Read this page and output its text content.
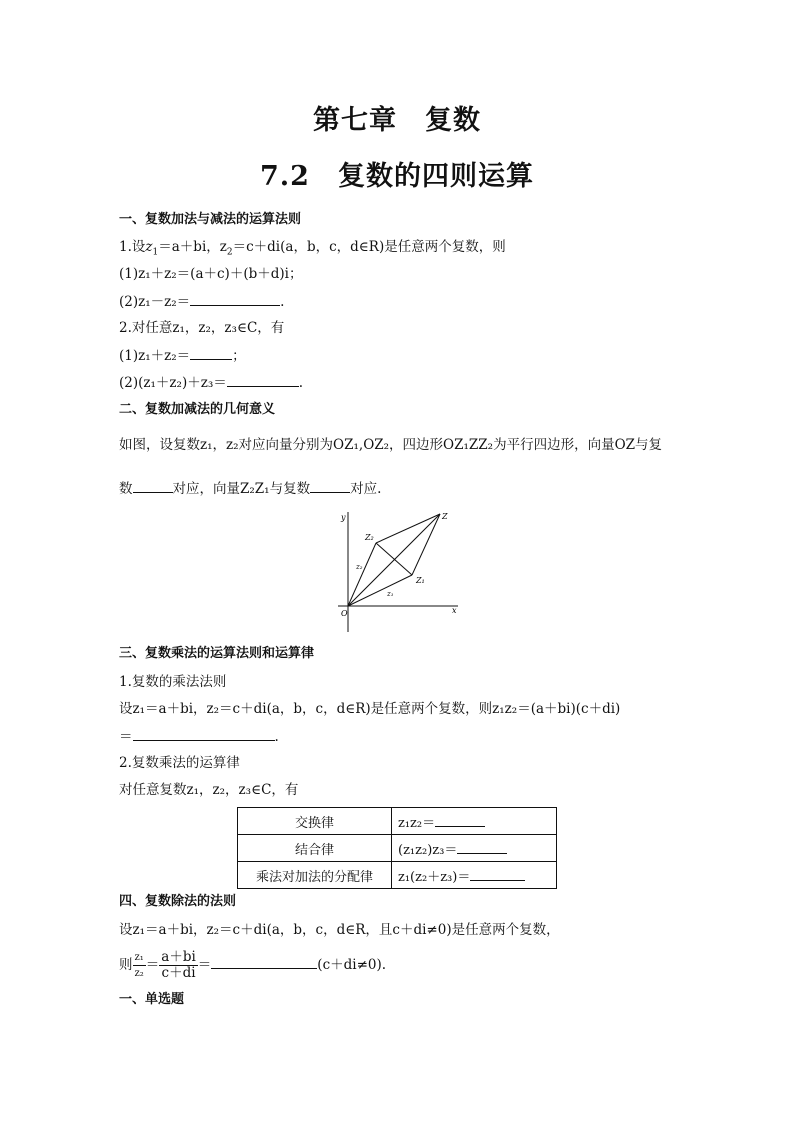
第七章　复数
7.2　复数的四则运算
一、复数加法与减法的运算法则
1.设$z_1=a+bi$，$z_2=c+di(a$，b，c，d∈R)是任意两个复数，则
(1)z₁＋z₂＝(a＋c)＋(b＋d)i；
(2)z₁－z₂＝	.
2.对任意z₁，z₂，z₃∈C，有
(1)z₁＋z₂＝	；
(2)(z₁＋z₂)＋z₃＝	.
二、复数加减法的几何意义
如图，设复数z₁，z₂对应向量分别为OZ₁,OZ₂，四边形OZ₁ZZ₂为平行四边形，向量OZ与复
数	对应，向量Z₂Z₁与复数	对应.
y
x
O
Z
Z₁
Z₂
z₁
z₂
三、复数乘法的运算法则和运算律
1.复数的乘法法则
设z₁＝a＋bi，z₂＝c＋di(a，b，c，d∈R)是任意两个复数，则z₁z₂＝(a＋bi)(c＋di)
＝	.
2.复数乘法的运算律
对任意复数z₁，z₂，z₃∈C，有
交换律	z₁z₂＝
结合律	(z₁z₂)z₃＝
乘法对加法的分配律	z₁(z₂＋z₃)＝
四、复数除法的法则
设z₁＝a＋bi，z₂＝c＋di(a，b，c，d∈R，且c＋di≠0)是任意两个复数，
则 $\frac{\text{z₁}}{\text{z₂}} = \frac{a+bi}{c+di}$ ＝	(c＋di≠0).
一、单选题
